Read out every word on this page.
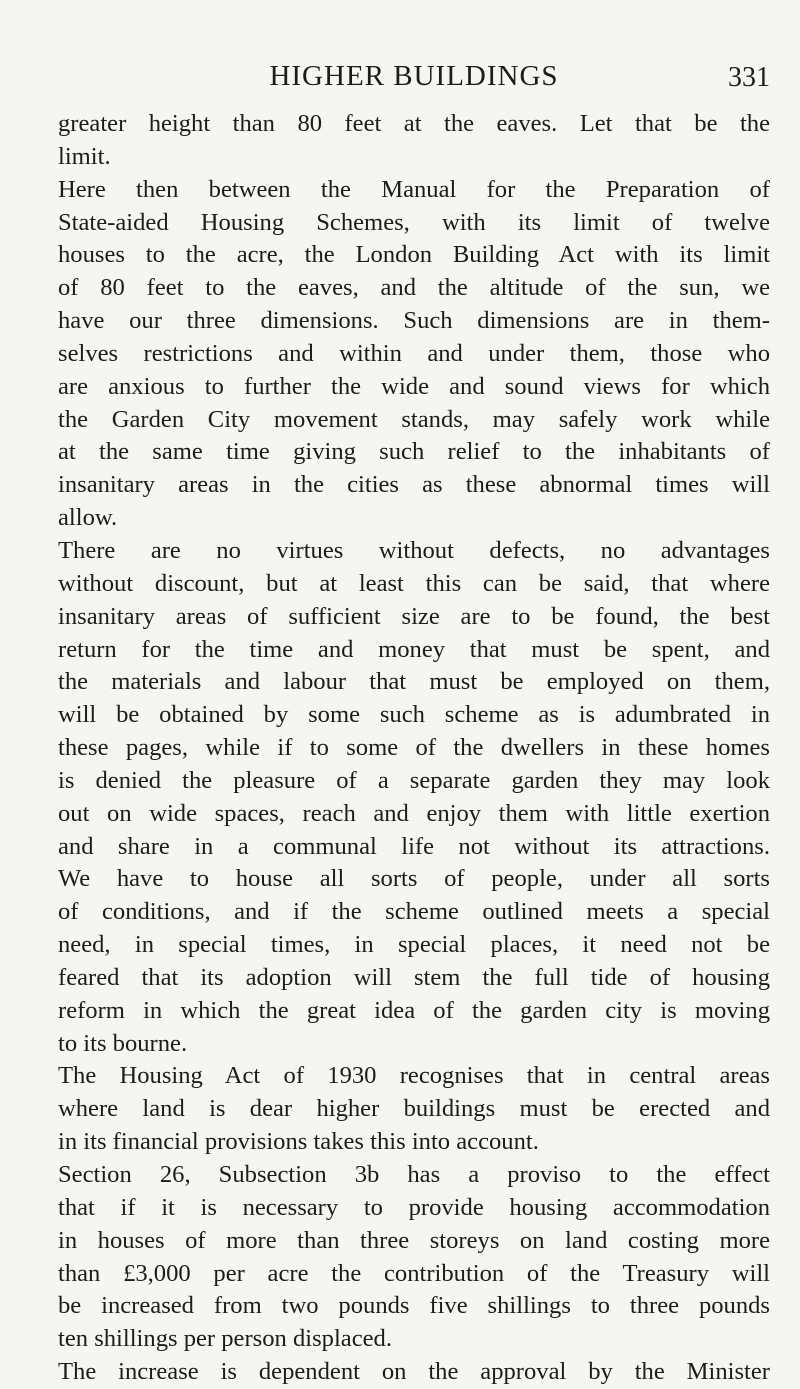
HIGHER BUILDINGS	331
greater height than 80 feet at the eaves. Let that be the
limit.
Here then between the Manual for the Preparation of
State-aided Housing Schemes, with its limit of twelve
houses to the acre, the London Building Act with its limit
of 80 feet to the eaves, and the altitude of the sun, we
have our three dimensions. Such dimensions are in them-
selves restrictions and within and under them, those who
are anxious to further the wide and sound views for which
the Garden City movement stands, may safely work while
at the same time giving such relief to the inhabitants of
insanitary areas in the cities as these abnormal times will
allow.
There are no virtues without defects, no advantages
without discount, but at least this can be said, that where
insanitary areas of sufficient size are to be found, the best
return for the time and money that must be spent, and
the materials and labour that must be employed on them,
will be obtained by some such scheme as is adumbrated in
these pages, while if to some of the dwellers in these homes
is denied the pleasure of a separate garden they may look
out on wide spaces, reach and enjoy them with little exertion
and share in a communal life not without its attractions.
We have to house all sorts of people, under all sorts
of conditions, and if the scheme outlined meets a special
need, in special times, in special places, it need not be
feared that its adoption will stem the full tide of housing
reform in which the great idea of the garden city is moving
to its bourne.
The Housing Act of 1930 recognises that in central areas
where land is dear higher buildings must be erected and
in its financial provisions takes this into account.
Section 26, Subsection 3b has a proviso to the effect
that if it is necessary to provide housing accommodation
in houses of more than three storeys on land costing more
than £3,000 per acre the contribution of the Treasury will
be increased from two pounds five shillings to three pounds
ten shillings per person displaced.
The increase is dependent on the approval by the Minister
